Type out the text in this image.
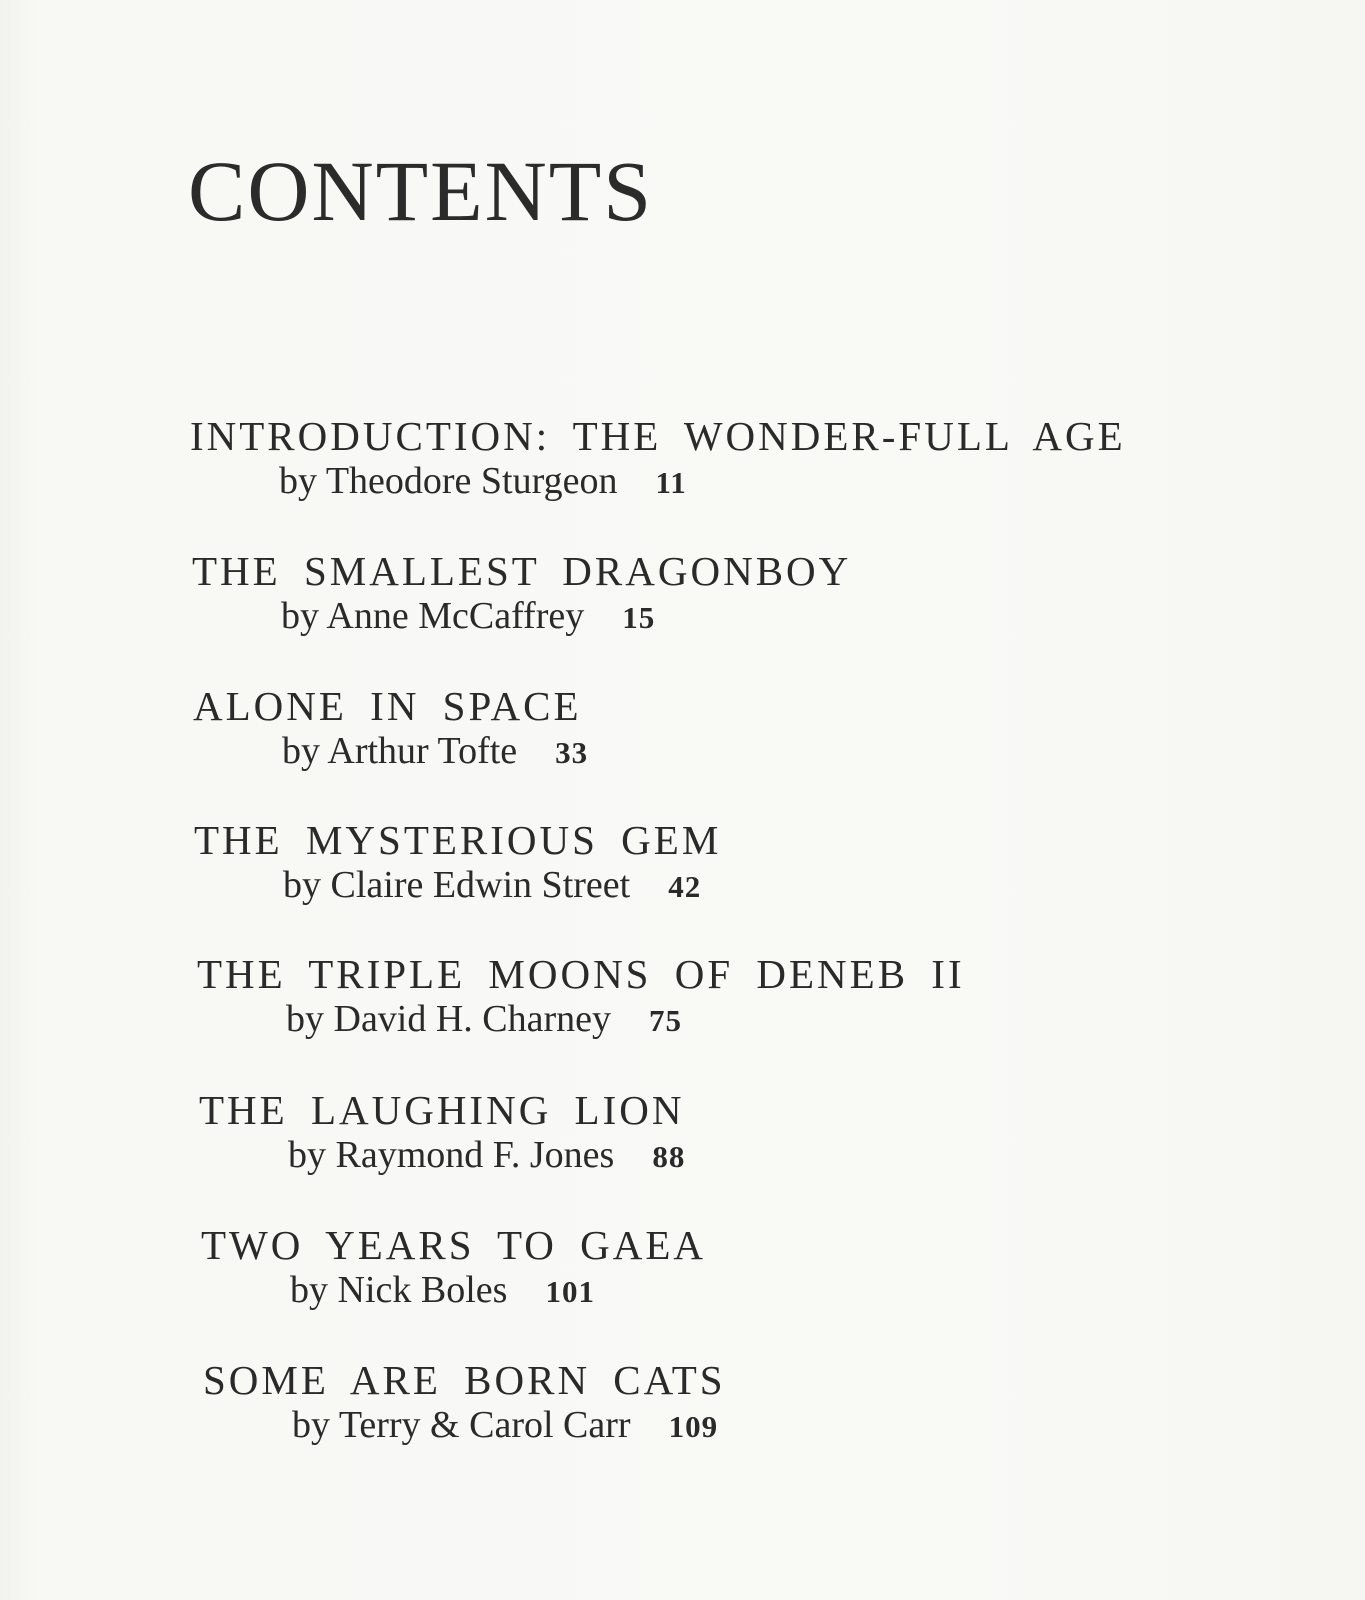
CONTENTS
INTRODUCTION: THE WONDER-FULL AGE
by Theodore Sturgeon 11
THE SMALLEST DRAGONBOY
by Anne McCaffrey 15
ALONE IN SPACE
by Arthur Tofte 33
THE MYSTERIOUS GEM
by Claire Edwin Street 42
THE TRIPLE MOONS OF DENEB II
by David H. Charney 75
THE LAUGHING LION
by Raymond F. Jones 88
TWO YEARS TO GAEA
by Nick Boles 101
SOME ARE BORN CATS
by Terry & Carol Carr 109
